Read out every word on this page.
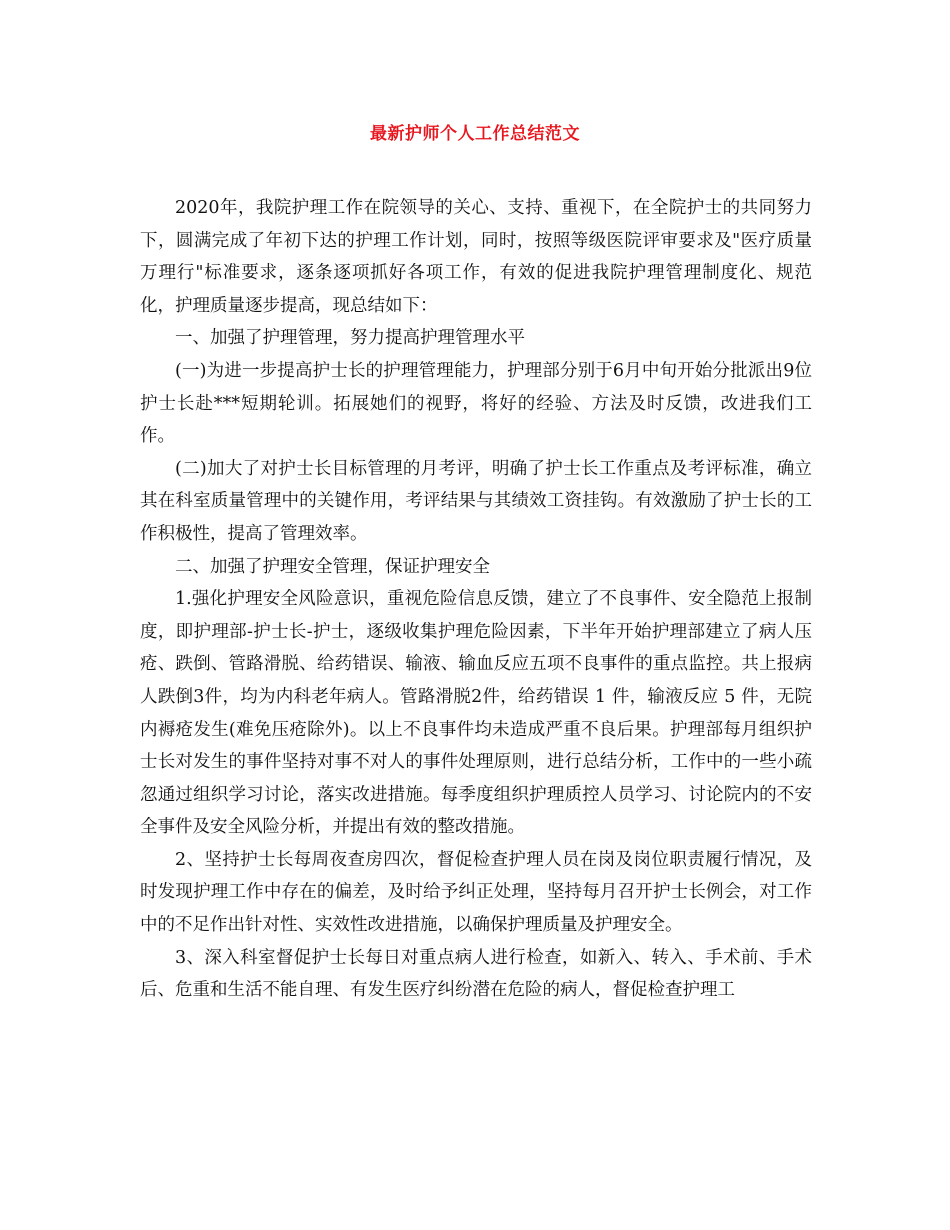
最新护师个人工作总结范文

2020年，我院护理工作在院领导的关心、支持、重视下，在全院护士的共同努力下，圆满完成了年初下达的护理工作计划，同时，按照等级医院评审要求及"医疗质量万理行"标准要求，逐条逐项抓好各项工作，有效的促进我院护理管理制度化、规范化，护理质量逐步提高，现总结如下：

一、加强了护理管理，努力提高护理管理水平

(一)为进一步提高护士长的护理管理能力，护理部分别于6月中旬开始分批派出9位护士长赴***短期轮训。拓展她们的视野，将好的经验、方法及时反馈，改进我们工作。

(二)加大了对护士长目标管理的月考评，明确了护士长工作重点及考评标准，确立其在科室质量管理中的关键作用，考评结果与其绩效工资挂钩。有效激励了护士长的工作积极性，提高了管理效率。

二、加强了护理安全管理，保证护理安全

1.强化护理安全风险意识，重视危险信息反馈，建立了不良事件、安全隐范上报制度，即护理部-护士长-护士，逐级收集护理危险因素，下半年开始护理部建立了病人压疮、跌倒、管路滑脱、给药错误、输液、输血反应五项不良事件的重点监控。共上报病人跌倒3件，均为内科老年病人。管路滑脱2件，给药错误 1 件，输液反应 5 件，无院内褥疮发生(难免压疮除外)。以上不良事件均未造成严重不良后果。护理部每月组织护士长对发生的事件坚持对事不对人的事件处理原则，进行总结分析，工作中的一些小疏忽通过组织学习讨论，落实改进措施。每季度组织护理质控人员学习、讨论院内的不安全事件及安全风险分析，并提出有效的整改措施。

2、坚持护士长每周夜查房四次，督促检查护理人员在岗及岗位职责履行情况，及时发现护理工作中存在的偏差，及时给予纠正处理，坚持每月召开护士长例会，对工作中的不足作出针对性、实效性改进措施，以确保护理质量及护理安全。

3、深入科室督促护士长每日对重点病人进行检查，如新入、转入、手术前、手术后、危重和生活不能自理、有发生医疗纠纷潜在危险的病人，督促检查护理工
